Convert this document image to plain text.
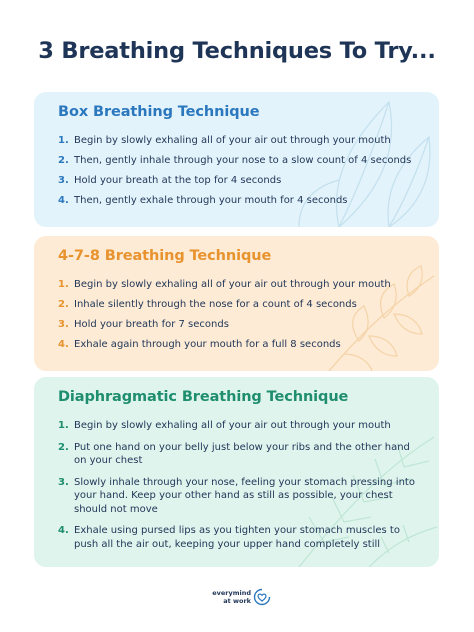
3 Breathing Techniques To Try...
Box Breathing Technique
1. Begin by slowly exhaling all of your air out through your mouth
2. Then, gently inhale through your nose to a slow count of 4 seconds
3. Hold your breath at the top for 4 seconds
4. Then, gently exhale through your mouth for 4 seconds
4-7-8 Breathing Technique
1. Begin by slowly exhaling all of your air out through your mouth
2. Inhale silently through the nose for a count of 4 seconds
3. Hold your breath for 7 seconds
4. Exhale again through your mouth for a full 8 seconds
Diaphragmatic Breathing Technique
1. Begin by slowly exhaling all of your air out through your mouth
2. Put one hand on your belly just below your ribs and the other hand on your chest
3. Slowly inhale through your nose, feeling your stomach pressing into your hand. Keep your other hand as still as possible, your chest should not move
4. Exhale using pursed lips as you tighten your stomach muscles to push all the air out, keeping your upper hand completely still
everymind
at work
